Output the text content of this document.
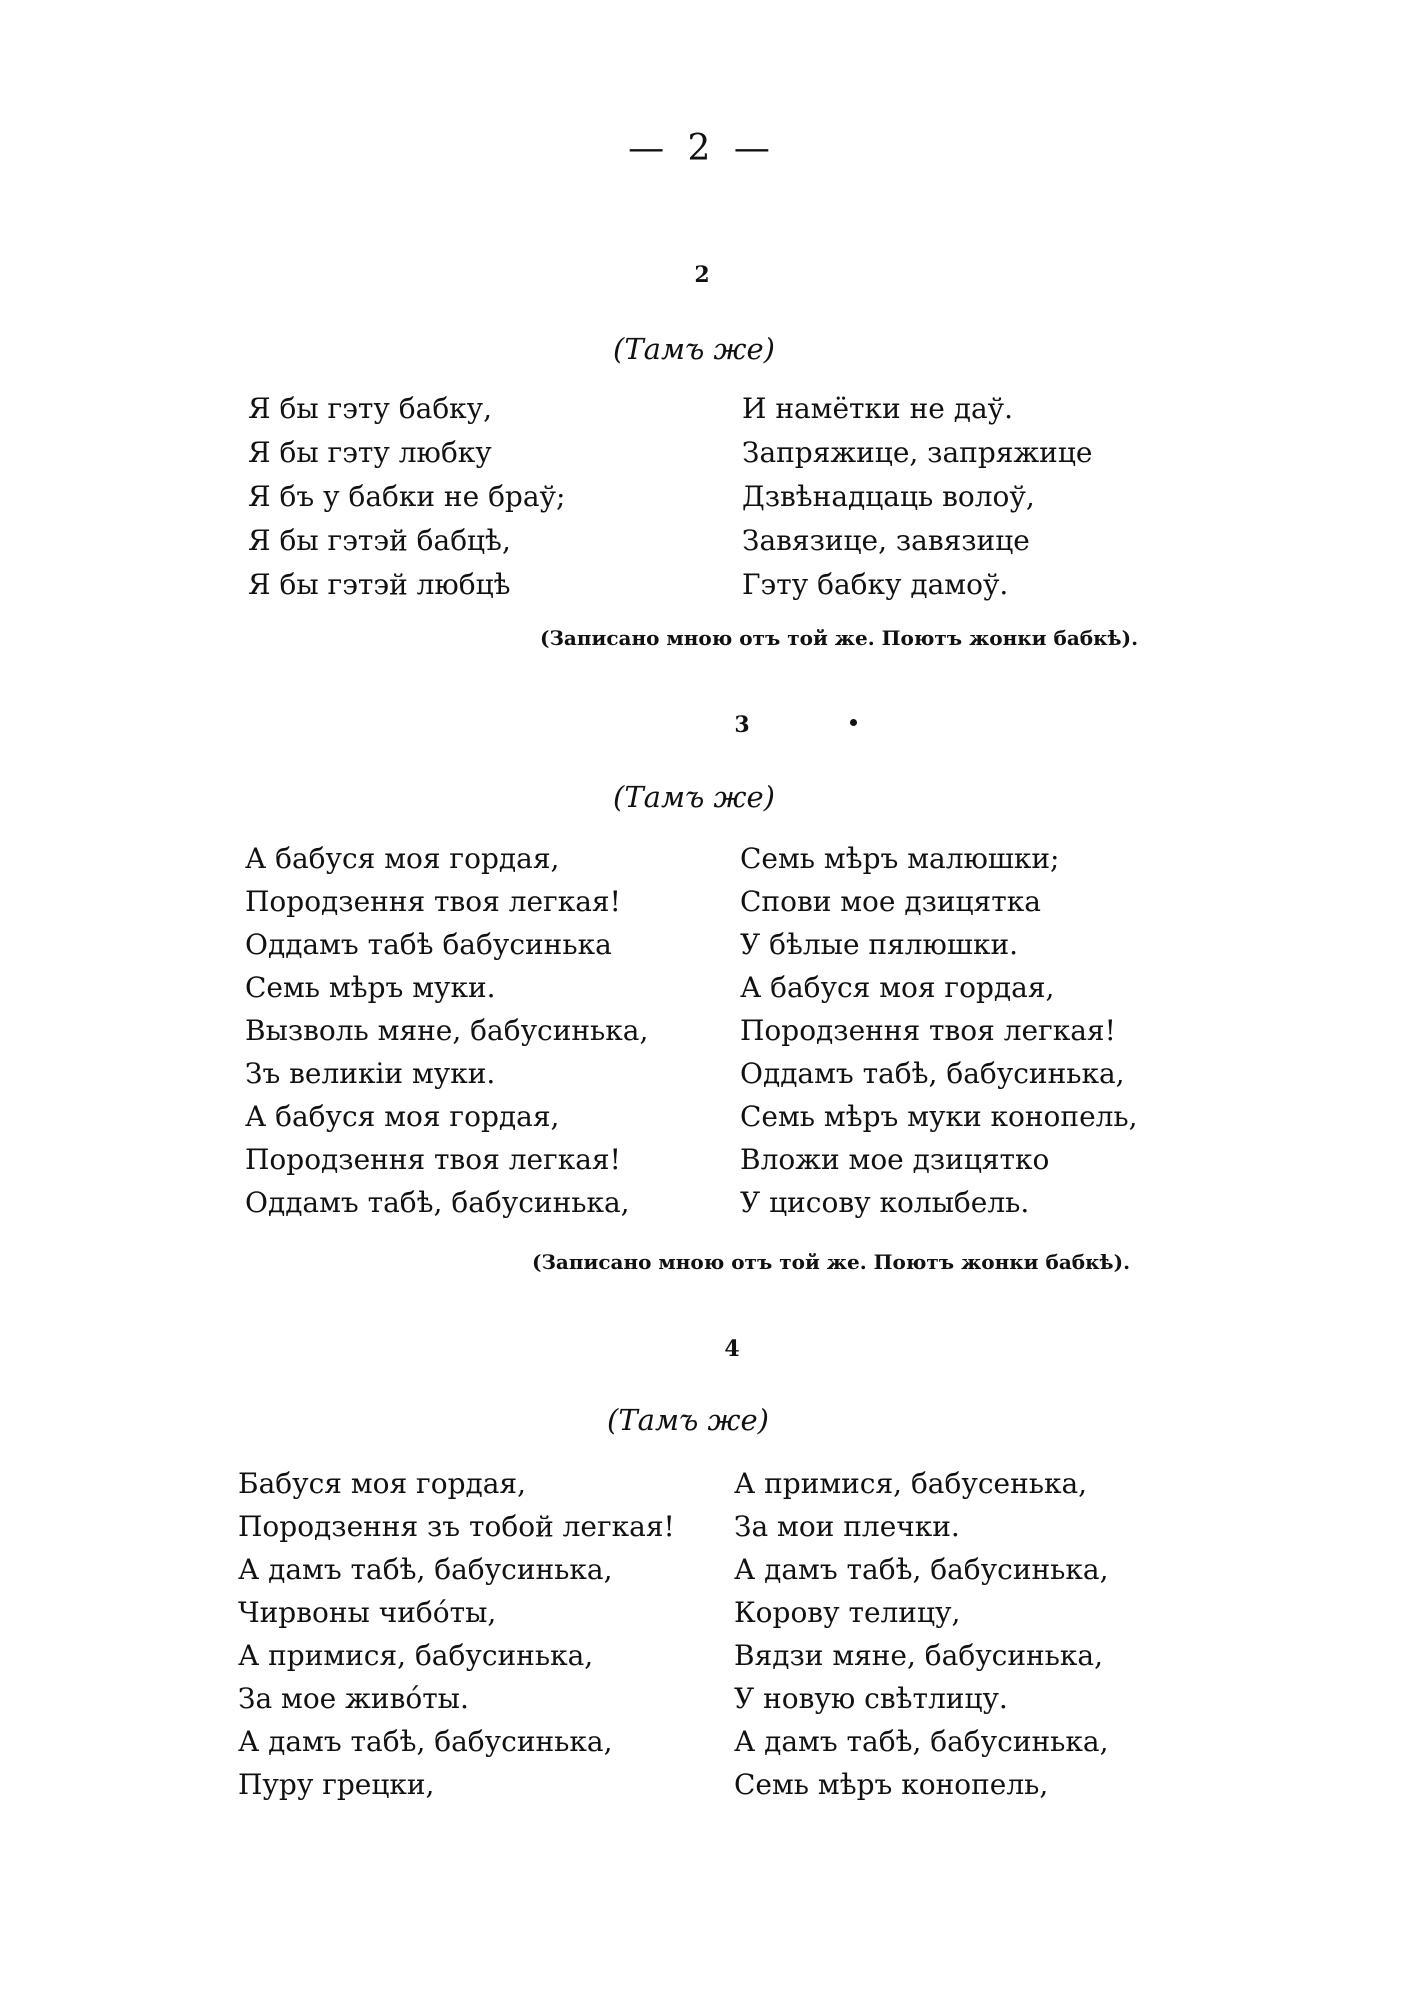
— 2 —
2
(Тамъ же)
Я бы гэту бабку,
Я бы гэту любку
Я бъ у бабки не браў;
Я бы гэтэй бабцѣ,
Я бы гэтэй любцѣ
И намётки не даў.
Запряжице, запряжице
Дзвѣнадцаць волоў,
Завязице, завязице
Гэту бабку дамоў.
(Записано мною отъ той же. Поютъ жонки бабкѣ).
3
(Тамъ же)
А бабуся моя гордая,
Породзення твоя легкая!
Оддамъ табѣ бабусинька
Семь мѣръ муки.
Вызволь мяне, бабусинька,
Зъ великiи муки.
А бабуся моя гордая,
Породзення твоя легкая!
Оддамъ табѣ, бабусинька,
Семь мѣръ малюшки;
Спови мое дзицятка
У бѣлые пялюшки.
А бабуся моя гордая,
Породзення твоя легкая!
Оддамъ табѣ, бабусинька,
Семь мѣръ муки конопель,
Вложи мое дзицятко
У цисову колыбель.
(Записано мною отъ той же. Поютъ жонки бабкѣ).
4
(Тамъ же)
Бабуся моя гордая,
Породзення зъ тобой легкая!
А дамъ табѣ, бабусинька,
Чирвоны чибо́ты,
А примися, бабусинька,
За мое живо́ты.
А дамъ табѣ, бабусинька,
Пуру грецки,
А примися, бабусенька,
За мои плечки.
А дамъ табѣ, бабусинька,
Корову телицу,
Вядзи мяне, бабусинька,
У новую свѣтлицу.
А дамъ табѣ, бабусинька,
Семь мѣръ конопель,
